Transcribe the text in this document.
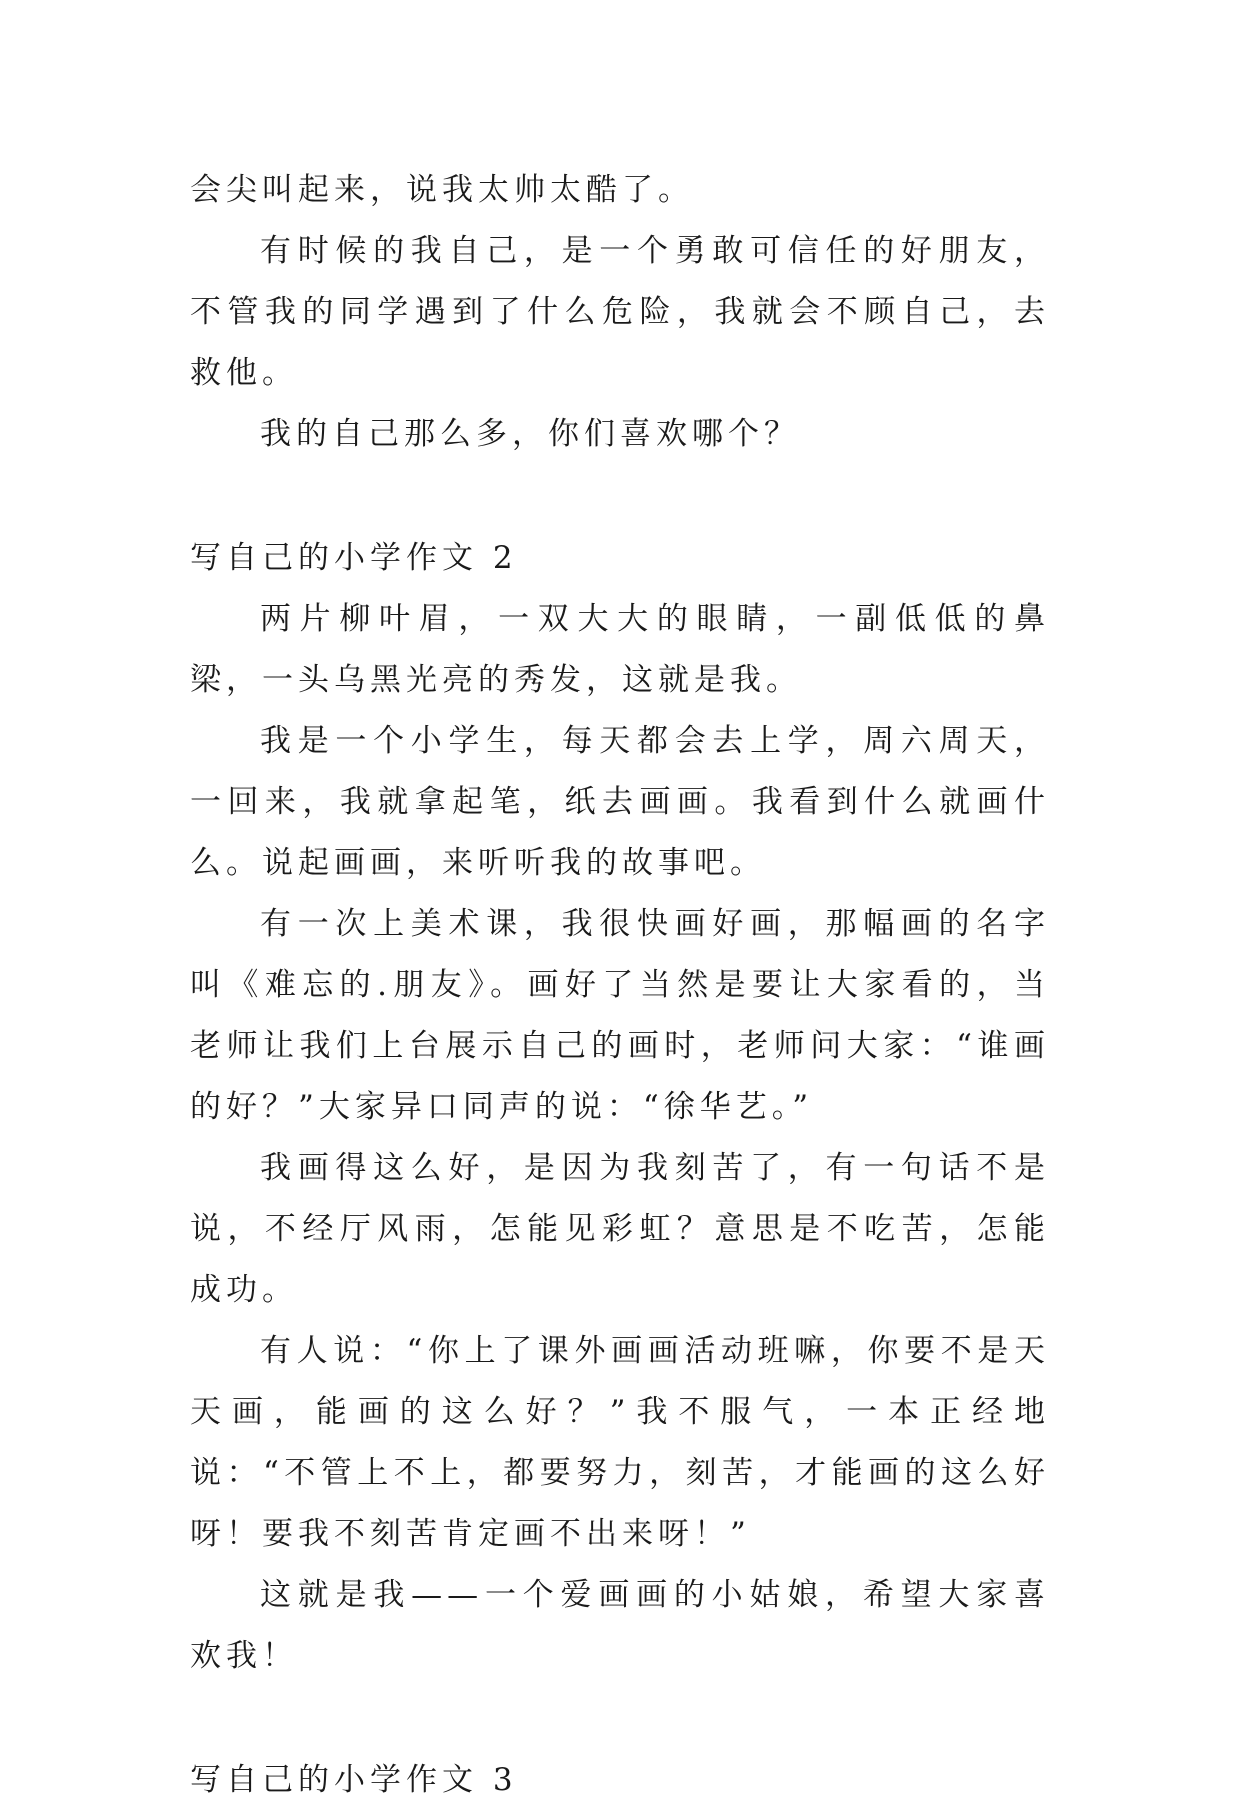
会尖叫起来，说我太帅太酷了。

有时候的我自己，是一个勇敢可信任的好朋友，不管我的同学遇到了什么危险，我就会不顾自己，去救他。

我的自己那么多，你们喜欢哪个？

写自己的小学作文 2

两片柳叶眉，一双大大的眼睛，一副低低的鼻梁，一头乌黑光亮的秀发，这就是我。

我是一个小学生，每天都会去上学，周六周天，一回来，我就拿起笔，纸去画画。我看到什么就画什么。说起画画，来听听我的故事吧。

有一次上美术课，我很快画好画，那幅画的名字叫《难忘的.朋友》。画好了当然是要让大家看的，当老师让我们上台展示自己的画时，老师问大家：“谁画的好？”大家异口同声的说：“徐华艺。”

我画得这么好，是因为我刻苦了，有一句话不是说，不经厅风雨，怎能见彩虹？意思是不吃苦，怎能成功。

有人说：“你上了课外画画活动班嘛，你要不是天天画，能画的这么好？”我不服气，一本正经地说：“不管上不上，都要努力，刻苦，才能画的这么好呀！要我不刻苦肯定画不出来呀！”

这就是我——一个爱画画的小姑娘，希望大家喜欢我！

写自己的小学作文 3
